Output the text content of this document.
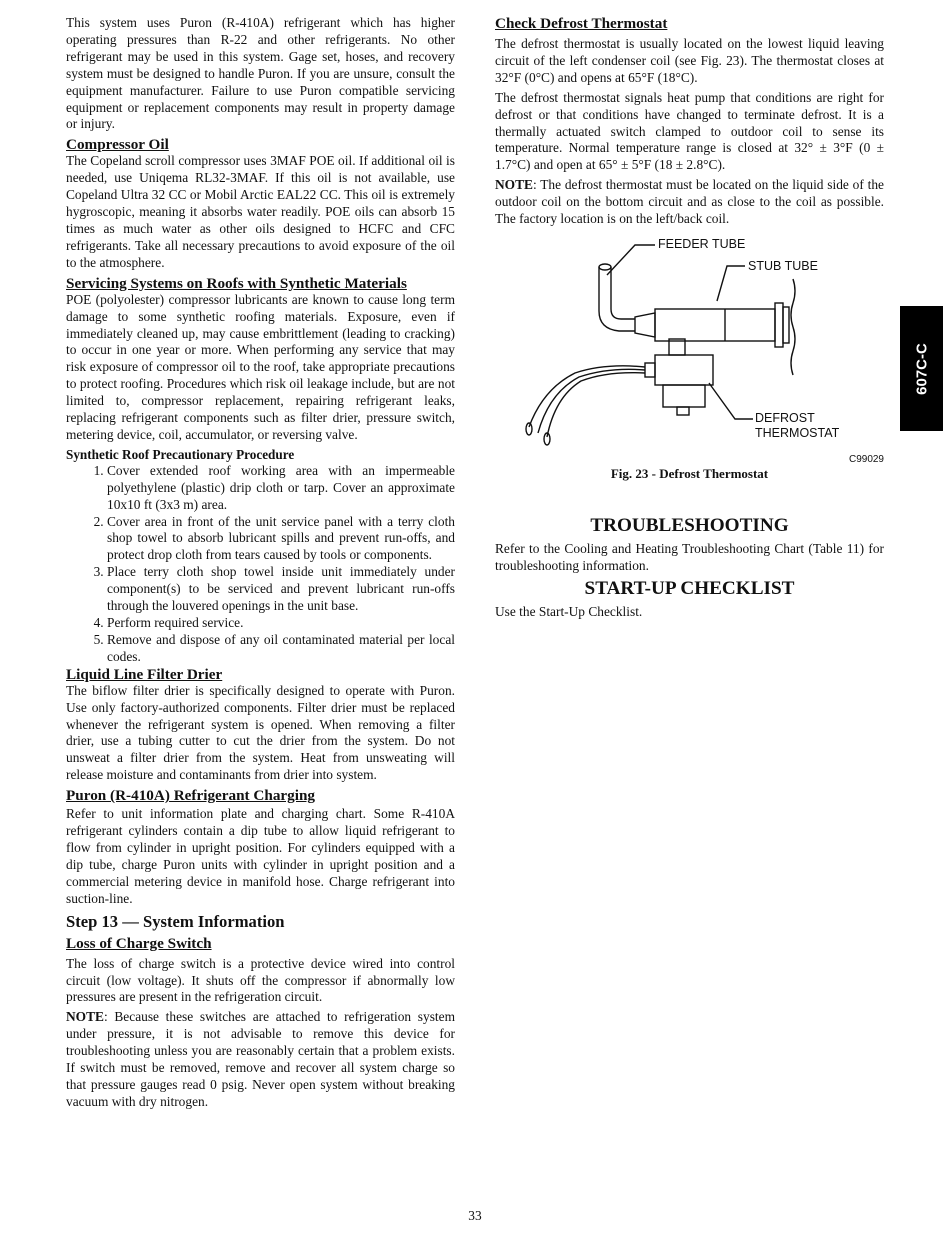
This system uses Puron (R-410A) refrigerant which has higher operating pressures than R-22 and other refrigerants. No other refrigerant may be used in this system. Gage set, hoses, and recovery system must be designed to handle Puron. If you are unsure, consult the equipment manufacturer. Failure to use Puron compatible servicing equipment or replacement components may result in property damage or injury.

Compressor Oil

The Copeland scroll compressor uses 3MAF POE oil. If additional oil is needed, use Uniqema RL32-3MAF. If this oil is not available, use Copeland Ultra 32 CC or Mobil Arctic EAL22 CC. This oil is extremely hygroscopic, meaning it absorbs water readily. POE oils can absorb 15 times as much water as other oils designed to HCFC and CFC refrigerants. Take all necessary precautions to avoid exposure of the oil to the atmosphere.

Servicing Systems on Roofs with Synthetic Materials

POE (polyolester) compressor lubricants are known to cause long term damage to some synthetic roofing materials. Exposure, even if immediately cleaned up, may cause embrittlement (leading to cracking) to occur in one year or more. When performing any service that may risk exposure of compressor oil to the roof, take appropriate precautions to protect roofing. Procedures which risk oil leakage include, but are not limited to, compressor replacement, repairing refrigerant leaks, replacing refrigerant components such as filter drier, pressure switch, metering device, coil, accumulator, or reversing valve.

Synthetic Roof Precautionary Procedure
1. Cover extended roof working area with an impermeable polyethylene (plastic) drip cloth or tarp. Cover an approximate 10x10 ft (3x3 m) area.
2. Cover area in front of the unit service panel with a terry cloth shop towel to absorb lubricant spills and prevent run-offs, and protect drop cloth from tears caused by tools or components.
3. Place terry cloth shop towel inside unit immediately under component(s) to be serviced and prevent lubricant run-offs through the louvered openings in the unit base.
4. Perform required service.
5. Remove and dispose of any oil contaminated material per local codes.
Liquid Line Filter Drier

The biflow filter drier is specifically designed to operate with Puron. Use only factory-authorized components. Filter drier must be replaced whenever the refrigerant system is opened. When removing a filter drier, use a tubing cutter to cut the drier from the system. Do not unsweat a filter drier from the system. Heat from unsweating will release moisture and contaminants from drier into system.

Puron (R-410A) Refrigerant Charging

Refer to unit information plate and charging chart. Some R-410A refrigerant cylinders contain a dip tube to allow liquid refrigerant to flow from cylinder in upright position. For cylinders equipped with a dip tube, charge Puron units with cylinder in upright position and a commercial metering device in manifold hose. Charge refrigerant into suction-line.

Step 13 — System Information
Loss of Charge Switch

The loss of charge switch is a protective device wired into control circuit (low voltage). It shuts off the compressor if abnormally low pressures are present in the refrigeration circuit.

NOTE: Because these switches are attached to refrigeration system under pressure, it is not advisable to remove this device for troubleshooting unless you are reasonably certain that a problem exists. If switch must be removed, remove and recover all system charge so that pressure gauges read 0 psig. Never open system without breaking vacuum with dry nitrogen.

Check Defrost Thermostat

The defrost thermostat is usually located on the lowest liquid leaving circuit of the left condenser coil (see Fig. 23). The thermostat closes at 32°F (0°C) and opens at 65°F (18°C).

The defrost thermostat signals heat pump that conditions are right for defrost or that conditions have changed to terminate defrost. It is a thermally actuated switch clamped to outdoor coil to sense its temperature. Normal temperature range is closed at 32° ± 3°F (0 ± 1.7°C) and open at 65° ± 5°F (18 ± 2.8°C).

NOTE: The defrost thermostat must be located on the liquid side of the outdoor coil on the bottom circuit and as close to the coil as possible. The factory location is on the left/back coil.

FEEDER TUBE
STUB TUBE
DEFROST
THERMOSTAT
C99029
Fig. 23 - Defrost Thermostat
TROUBLESHOOTING

Refer to the Cooling and Heating Troubleshooting Chart (Table 11) for troubleshooting information.

START-UP CHECKLIST

Use the Start-Up Checklist.

607C-C
33
